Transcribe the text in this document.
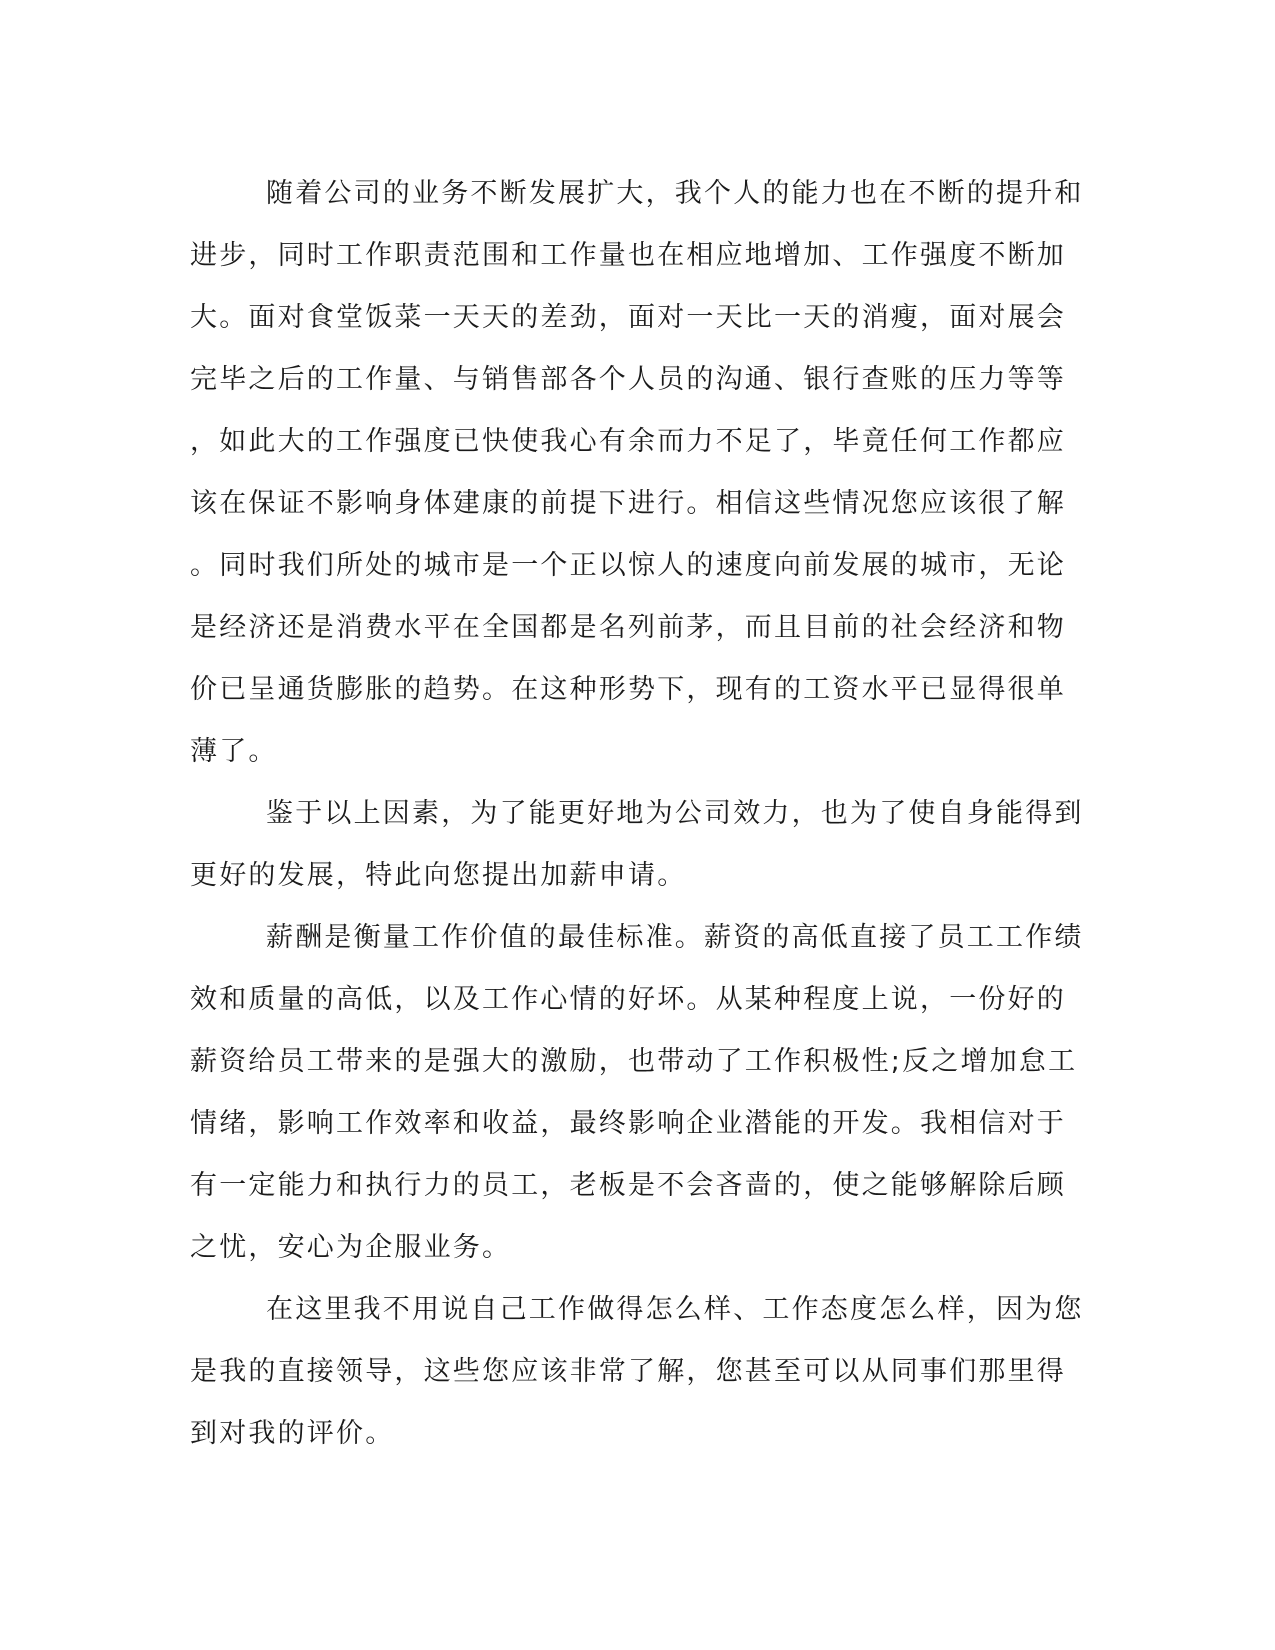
随着公司的业务不断发展扩大，我个人的能力也在不断的提升和
进步，同时工作职责范围和工作量也在相应地增加、工作强度不断加
大。面对食堂饭菜一天天的差劲，面对一天比一天的消瘦，面对展会
完毕之后的工作量、与销售部各个人员的沟通、银行查账的压力等等
，如此大的工作强度已快使我心有余而力不足了，毕竟任何工作都应
该在保证不影响身体建康的前提下进行。相信这些情况您应该很了解
。同时我们所处的城市是一个正以惊人的速度向前发展的城市，无论
是经济还是消费水平在全国都是名列前茅，而且目前的社会经济和物
价已呈通货膨胀的趋势。在这种形势下，现有的工资水平已显得很单
薄了。
鉴于以上因素，为了能更好地为公司效力，也为了使自身能得到
更好的发展，特此向您提出加薪申请。
薪酬是衡量工作价值的最佳标准。薪资的高低直接了员工工作绩
效和质量的高低，以及工作心情的好坏。从某种程度上说，一份好的
薪资给员工带来的是强大的激励，也带动了工作积极性;反之增加怠工
情绪，影响工作效率和收益，最终影响企业潜能的开发。我相信对于
有一定能力和执行力的员工，老板是不会吝啬的，使之能够解除后顾
之忧，安心为企服业务。
在这里我不用说自己工作做得怎么样、工作态度怎么样，因为您
是我的直接领导，这些您应该非常了解，您甚至可以从同事们那里得
到对我的评价。
